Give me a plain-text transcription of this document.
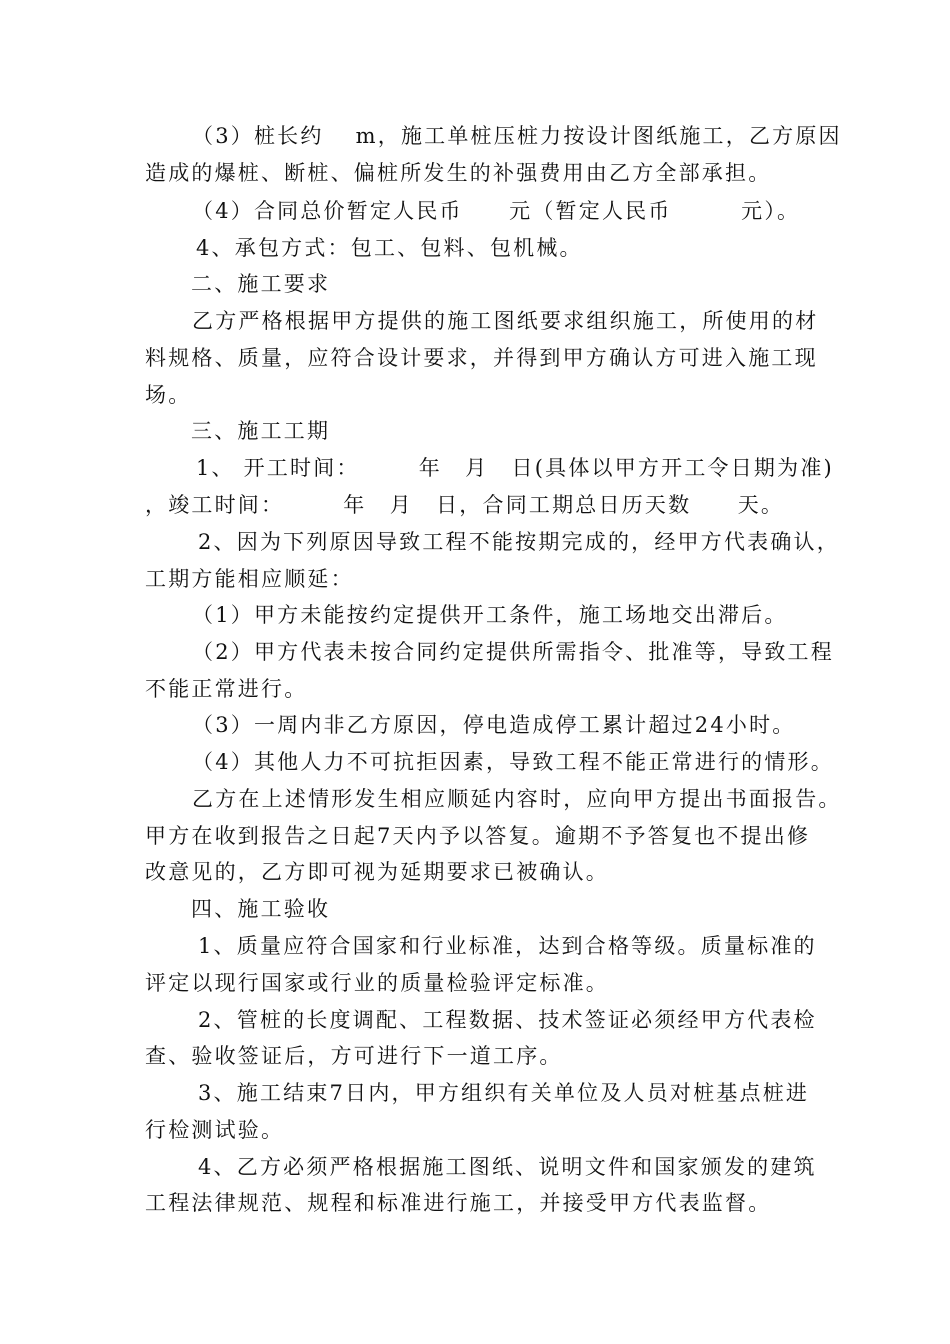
（3）桩长约　 m，施工单桩压桩力按设计图纸施工，乙方原因
造成的爆桩、断桩、偏桩所发生的补强费用由乙方全部承担。
（4）合同总价暂定人民币　　元（暂定人民币　　　元）。
4、承包方式：包工、包料、包机械。
二、施工要求
乙方严格根据甲方提供的施工图纸要求组织施工，所使用的材
料规格、质量，应符合设计要求，并得到甲方确认方可进入施工现
场。
三、施工工期
1、 开工时间：　　　年　月　日(具体以甲方开工令日期为准)
，竣工时间：　　　年　月　日，合同工期总日历天数　　天。
2、因为下列原因导致工程不能按期完成的，经甲方代表确认，
工期方能相应顺延：
（1）甲方未能按约定提供开工条件，施工场地交出滞后。
（2）甲方代表未按合同约定提供所需指令、批准等，导致工程
不能正常进行。
（3）一周内非乙方原因，停电造成停工累计超过24小时。
（4）其他人力不可抗拒因素，导致工程不能正常进行的情形。
乙方在上述情形发生相应顺延内容时，应向甲方提出书面报告。
甲方在收到报告之日起7天内予以答复。逾期不予答复也不提出修
改意见的，乙方即可视为延期要求已被确认。
四、施工验收
1、质量应符合国家和行业标准，达到合格等级。质量标准的
评定以现行国家或行业的质量检验评定标准。
2、管桩的长度调配、工程数据、技术签证必须经甲方代表检
查、验收签证后，方可进行下一道工序。
3、施工结束7日内，甲方组织有关单位及人员对桩基点桩进
行检测试验。
4、乙方必须严格根据施工图纸、说明文件和国家颁发的建筑
工程法律规范、规程和标准进行施工，并接受甲方代表监督。
